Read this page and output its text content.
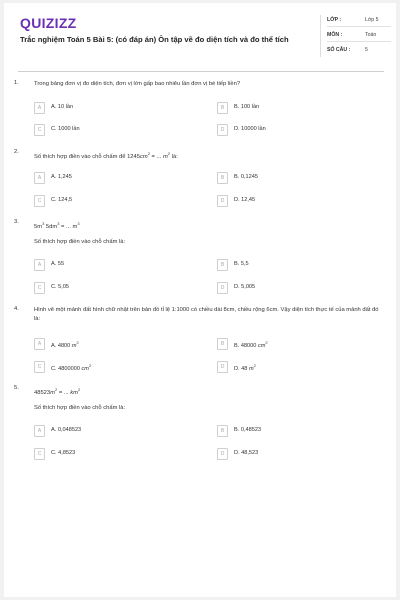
QUIZIZZ
Trắc nghiệm Toán 5 Bài 5: (có đáp án) Ôn tập về đo diện tích và đo thể tích
LỚP :	Lớp 5
MÔN :	Toán
SỐ CÂU :	5
1.	Trong bảng đơn vị đo diện tích, đơn vị lớn gấp bao nhiêu lần đơn vị bé tiếp liền?
A	A. 10 lần	B	B. 100 lần
C	C. 1000 lần	D	D. 10000 lần
2.
Số thích hợp điền vào chỗ chấm để $1245cm^2$ = ... $m^2$ là:
A	A. 1,245	B	B. 0,1245
C	C. 124,5	D	D. 12,45
3.
$5m^3$ $5dm^3$ = ... $m^3$
Số thích hợp điền vào chỗ chấm là:
A	A. 55	B	B. 5,5
C	C. 5,05	D	D. 5,005
4.	Hình vẽ một mảnh đất hình chữ nhật trên bản đồ tỉ lệ 1:1000 có chiều dài 8cm, chiều rộng 6cm. Vậy diện tích thực tế của mảnh đất đó là:
A	A. 4800 $m^2$	B	B. 48000 $cm^2$
C	C. 4800000 $cm^2$	D	D. 48 $m^2$
5.
$48523m^2$ = ... $km^2$
Số thích hợp điền vào chỗ chấm là:
A	A. 0,048523	B	B. 0,48523
C	C. 4,8523	D	D. 48,523
